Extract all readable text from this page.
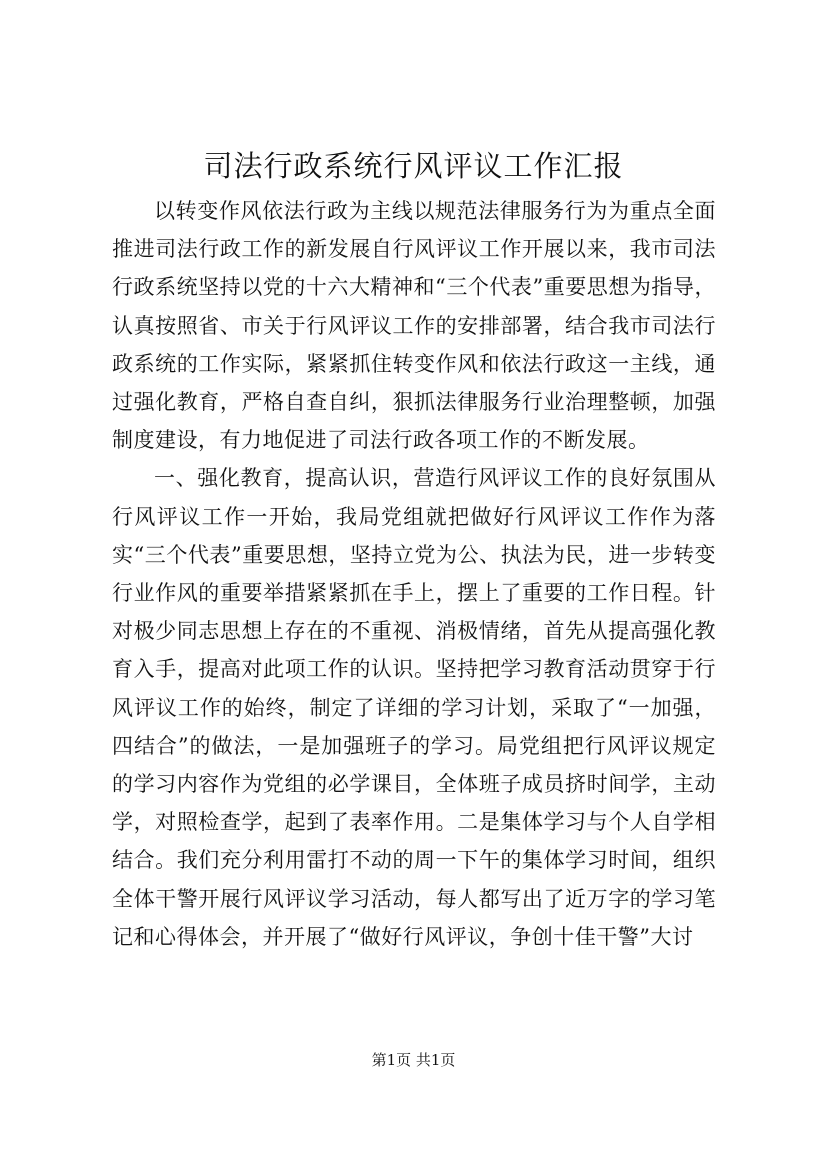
司法行政系统行风评议工作汇报

以转变作风依法行政为主线以规范法律服务行为为重点全面推进司法行政工作的新发展自行风评议工作开展以来，我市司法行政系统坚持以党的十六大精神和“三个代表”重要思想为指导，认真按照省、市关于行风评议工作的安排部署，结合我市司法行政系统的工作实际，紧紧抓住转变作风和依法行政这一主线，通过强化教育，严格自查自纠，狠抓法律服务行业治理整顿，加强制度建设，有力地促进了司法行政各项工作的不断发展。

一、强化教育，提高认识，营造行风评议工作的良好氛围从行风评议工作一开始，我局党组就把做好行风评议工作作为落实“三个代表”重要思想，坚持立党为公、执法为民，进一步转变行业作风的重要举措紧紧抓在手上，摆上了重要的工作日程。针对极少同志思想上存在的不重视、消极情绪，首先从提高强化教育入手，提高对此项工作的认识。坚持把学习教育活动贯穿于行风评议工作的始终，制定了详细的学习计划，采取了“一加强，四结合”的做法，一是加强班子的学习。局党组把行风评议规定的学习内容作为党组的必学课目，全体班子成员挤时间学，主动学，对照检查学，起到了表率作用。二是集体学习与个人自学相结合。我们充分利用雷打不动的周一下午的集体学习时间，组织全体干警开展行风评议学习活动，每人都写出了近万字的学习笔记和心得体会，并开展了“做好行风评议，争创十佳干警”大讨

第1页 共1页
